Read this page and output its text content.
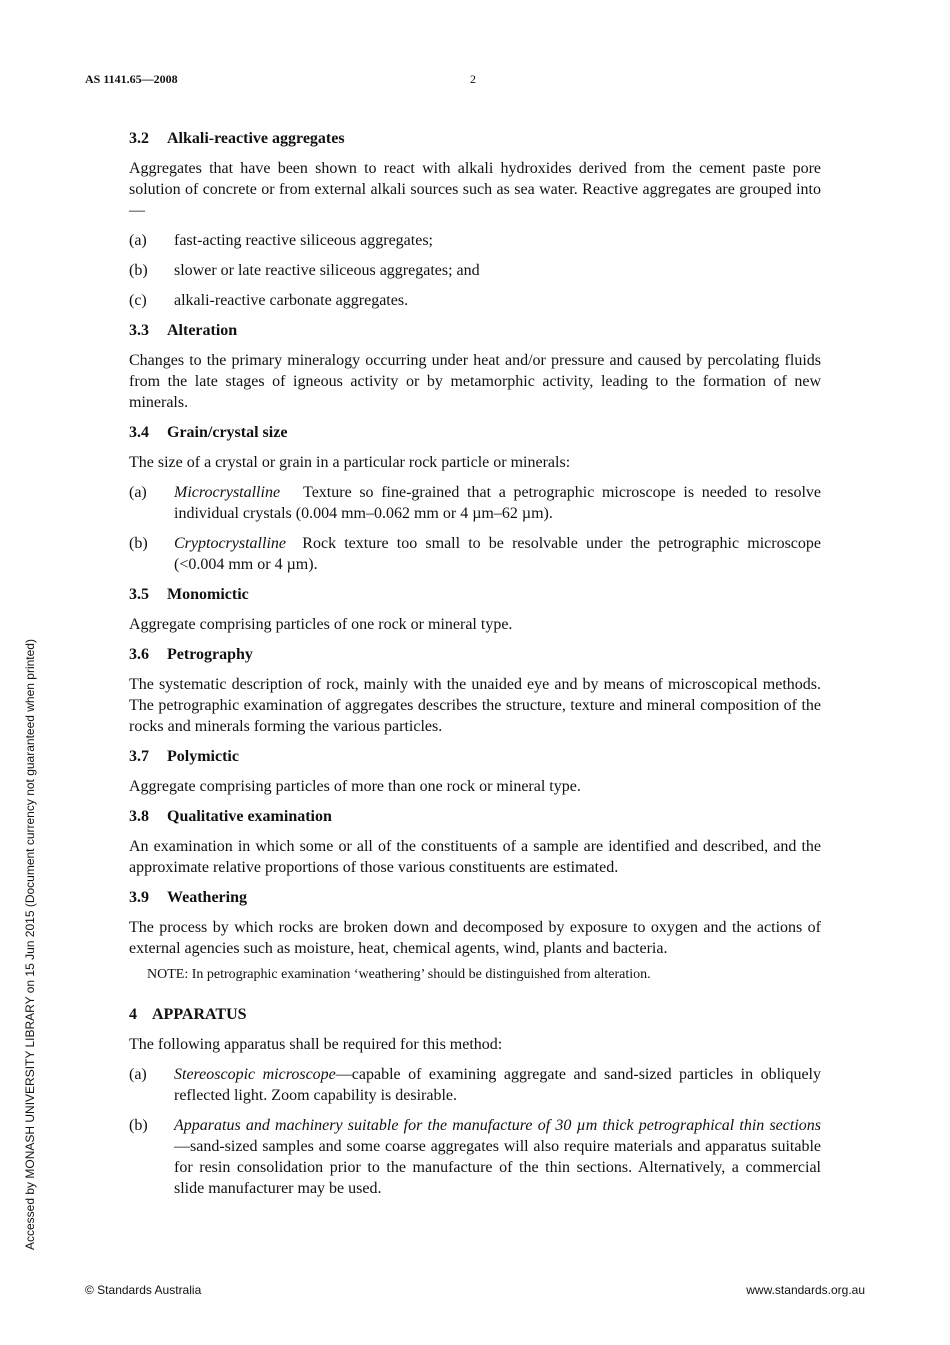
AS 1141.65—2008	2
Accessed by MONASH UNIVERSITY LIBRARY on 15 Jun 2015 (Document currency not guaranteed when printed)
3.2 Alkali-reactive aggregates

Aggregates that have been shown to react with alkali hydroxides derived from the cement paste pore solution of concrete or from external alkali sources such as sea water. Reactive aggregates are grouped into—

(a) fast-acting reactive siliceous aggregates;
(b) slower or late reactive siliceous aggregates; and
(c) alkali-reactive carbonate aggregates.
3.3 Alteration

Changes to the primary mineralogy occurring under heat and/or pressure and caused by percolating fluids from the late stages of igneous activity or by metamorphic activity, leading to the formation of new minerals.

3.4 Grain/crystal size

The size of a crystal or grain in a particular rock particle or minerals:

(a) Microcrystalline Texture so fine-grained that a petrographic microscope is needed to resolve individual crystals (0.004 mm–0.062 mm or 4 µm–62 µm).
(b) Cryptocrystalline Rock texture too small to be resolvable under the petrographic microscope (<0.004 mm or 4 µm).
3.5 Monomictic

Aggregate comprising particles of one rock or mineral type.

3.6 Petrography

The systematic description of rock, mainly with the unaided eye and by means of microscopical methods. The petrographic examination of aggregates describes the structure, texture and mineral composition of the rocks and minerals forming the various particles.

3.7 Polymictic

Aggregate comprising particles of more than one rock or mineral type.

3.8 Qualitative examination

An examination in which some or all of the constituents of a sample are identified and described, and the approximate relative proportions of those various constituents are estimated.

3.9 Weathering

The process by which rocks are broken down and decomposed by exposure to oxygen and the actions of external agencies such as moisture, heat, chemical agents, wind, plants and bacteria.

NOTE: In petrographic examination ‘weathering’ should be distinguished from alteration.
4 APPARATUS

The following apparatus shall be required for this method:

(a) Stereoscopic microscope—capable of examining aggregate and sand-sized particles in obliquely reflected light. Zoom capability is desirable.
(b) Apparatus and machinery suitable for the manufacture of 30 µm thick petrographical thin sections—sand-sized samples and some coarse aggregates will also require materials and apparatus suitable for resin consolidation prior to the manufacture of the thin sections. Alternatively, a commercial slide manufacturer may be used.
© Standards Australia	www.standards.org.au
